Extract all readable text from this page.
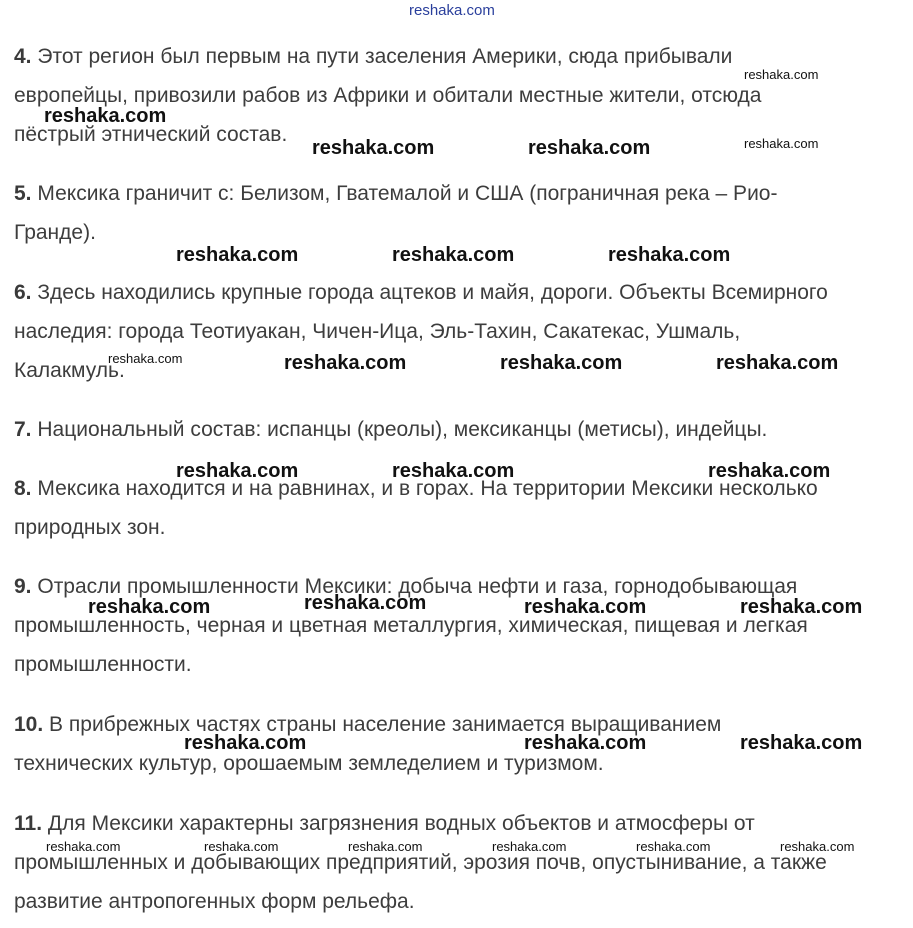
reshaka.com
4. Этот регион был первым на пути заселения Америки, сюда прибывали
европейцы, привозили рабов из Африки и обитали местные жители, отсюда
пёстрый этнический состав.
5. Мексика граничит с: Белизом, Гватемалой и США (пограничная река – Рио-
Гранде).
6. Здесь находились крупные города ацтеков и майя, дороги. Объекты Всемирного
наследия: города Теотиуакан, Чичен-Ица, Эль-Тахин, Сакатекас, Ушмаль,
Калакмуль.
7. Национальный состав: испанцы (креолы), мексиканцы (метисы), индейцы.
8. Мексика находится и на равнинах, и в горах. На территории Мексики несколько
природных зон.
9. Отрасли промышленности Мексики: добыча нефти и газа, горнодобывающая
промышленность, черная и цветная металлургия, химическая, пищевая и легкая
промышленности.
10. В прибрежных частях страны население занимается выращиванием
технических культур, орошаемым земледелием и туризмом.
11. Для Мексики характерны загрязнения водных объектов и атмосферы от
промышленных и добывающих предприятий, эрозия почв, опустынивание, а также
развитие антропогенных форм рельефа.
reshaka.com
reshaka.com
reshaka.com	reshaka.com	reshaka.com
reshaka.com	reshaka.com	reshaka.com
reshaka.com	reshaka.com	reshaka.com	reshaka.com
reshaka.com	reshaka.com	reshaka.com
reshaka.com	reshaka.com	reshaka.com	reshaka.com
reshaka.com	reshaka.com	reshaka.com
reshaka.com	reshaka.com	reshaka.com	reshaka.com	reshaka.com	reshaka.com
